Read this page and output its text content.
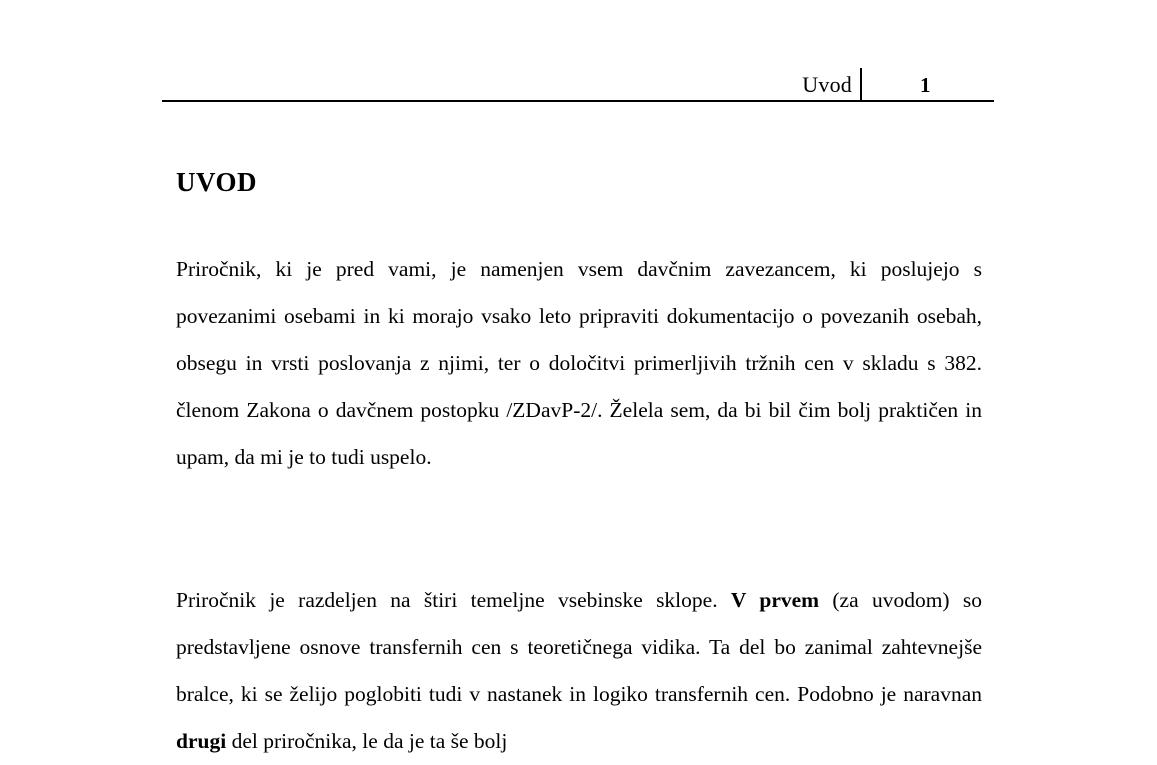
Uvod	1
UVOD

Priročnik, ki je pred vami, je namenjen vsem davčnim zavezancem, ki poslujejo s povezanimi osebami in ki morajo vsako leto pripraviti dokumentacijo o povezanih osebah, obsegu in vrsti poslovanja z njimi, ter o določitvi primerljivih tržnih cen v skladu s 382. členom Zakona o davčnem postopku /ZDavP-2/. Želela sem, da bi bil čim bolj praktičen in upam, da mi je to tudi uspelo.

Priročnik je razdeljen na štiri temeljne vsebinske sklope. V prvem (za uvodom) so predstavljene osnove transfernih cen s teoretičnega vidika. Ta del bo zanimal zahtevnejše bralce, ki se želijo poglobiti tudi v nastanek in logiko transfernih cen. Podobno je naravnan drugi del priročnika, le da je ta še bolj
